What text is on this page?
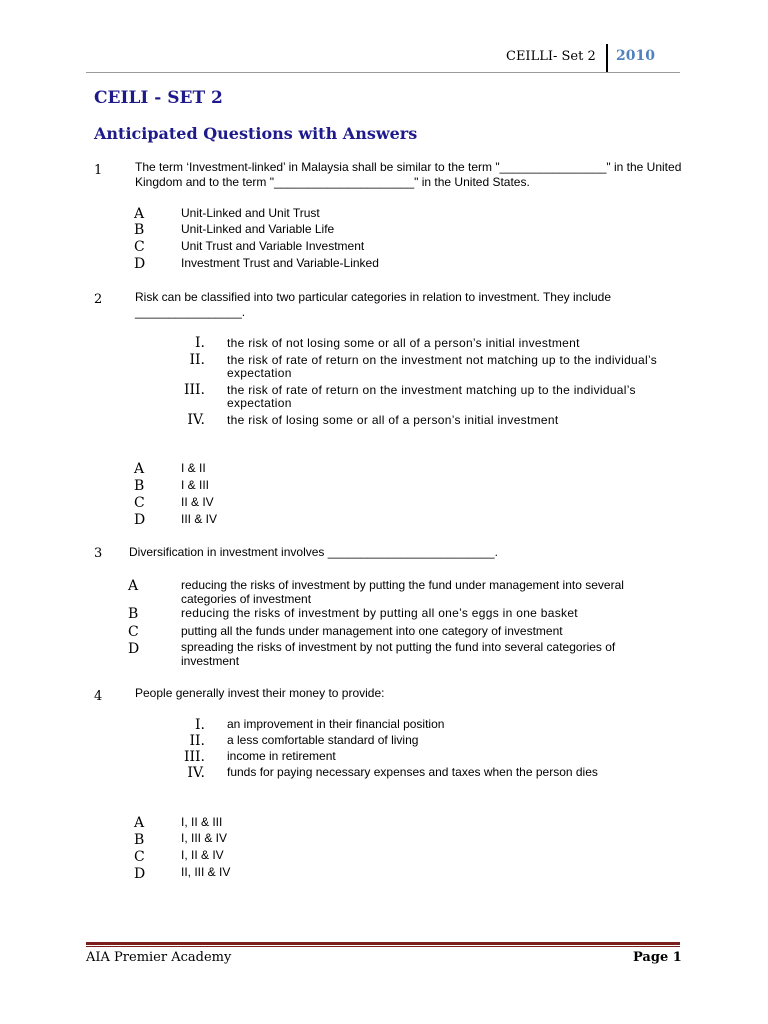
CEILLI- Set 2 2010
CEILI - SET 2
Anticipated Questions with Answers
1	The term ‘Investment-linked’ in Malaysia shall be similar to the term "________________" in the United Kingdom and to the term "_____________________" in the United States.
A	Unit-Linked and Unit Trust
B	Unit-Linked and Variable Life
C	Unit Trust and Variable Investment
D	Investment Trust and Variable-Linked
2	Risk can be classified into two particular categories in relation to investment. They include ________________.
I. the risk of not losing some or all of a person’s initial investment
II. the risk of rate of return on the investment not matching up to the individual’s expectation
III. the risk of rate of return on the investment matching up to the individual’s expectation
IV. the risk of losing some or all of a person’s initial investment
A	I & II
B	I & III
C	II & IV
D	III & IV
3 Diversification in investment involves _________________________.
A	reducing the risks of investment by putting the fund under management into several categories of investment
B	reducing the risks of investment by putting all one’s eggs in one basket
C	putting all the funds under management into one category of investment
D	spreading the risks of investment by not putting the fund into several categories of investment
4	People generally invest their money to provide:
I. an improvement in their financial position
II. a less comfortable standard of living
III. income in retirement
IV. funds for paying necessary expenses and taxes when the person dies
A	I, II & III
B	I, III & IV
C	I, II & IV
D	II, III & IV
AIA Premier Academy	Page 1
